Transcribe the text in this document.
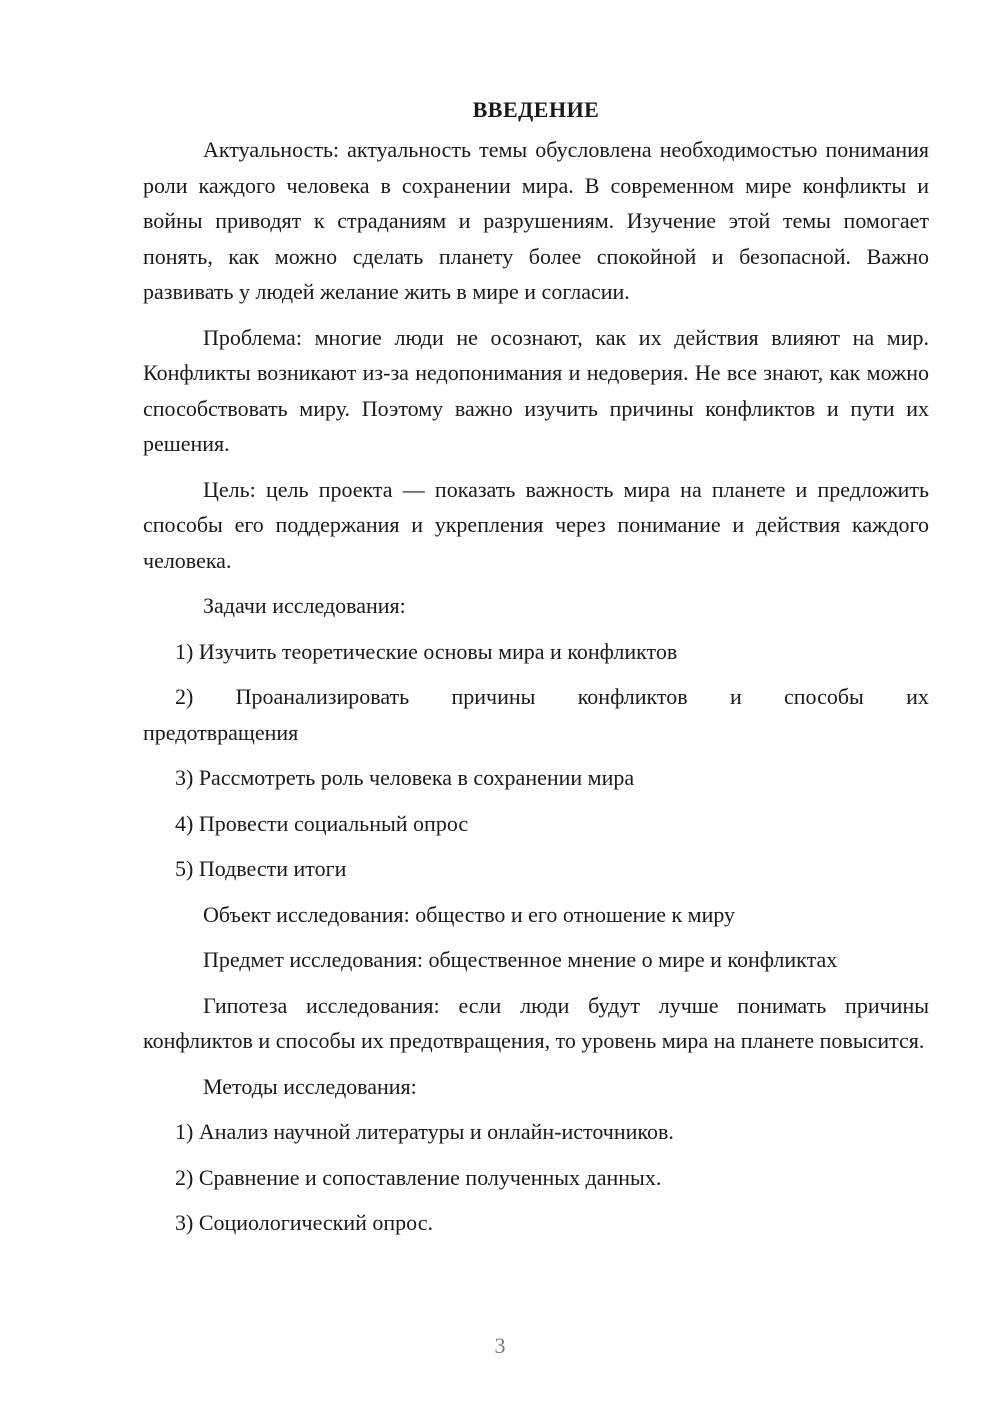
ВВЕДЕНИЕ

Актуальность: актуальность темы обусловлена необходимостью понимания роли каждого человека в сохранении мира. В современном мире конфликты и войны приводят к страданиям и разрушениям. Изучение этой темы помогает понять, как можно сделать планету более спокойной и безопасной. Важно развивать у людей желание жить в мире и согласии.

Проблема: многие люди не осознают, как их действия влияют на мир. Конфликты возникают из-за недопонимания и недоверия. Не все знают, как можно способствовать миру. Поэтому важно изучить причины конфликтов и пути их решения.

Цель: цель проекта — показать важность мира на планете и предложить способы его поддержания и укрепления через понимание и действия каждого человека.

Задачи исследования:
1) Изучить теоретические основы мира и конфликтов
2) Проанализировать причины конфликтов и способы их
предотвращения
3) Рассмотреть роль человека в сохранении мира
4) Провести социальный опрос
5) Подвести итоги
Объект исследования: общество и его отношение к миру
Предмет исследования: общественное мнение о мире и конфликтах

Гипотеза исследования: если люди будут лучше понимать причины конфликтов и способы их предотвращения, то уровень мира на планете повысится.

Методы исследования:
1) Анализ научной литературы и онлайн-источников.
2) Сравнение и сопоставление полученных данных.
3) Социологический опрос.
3
